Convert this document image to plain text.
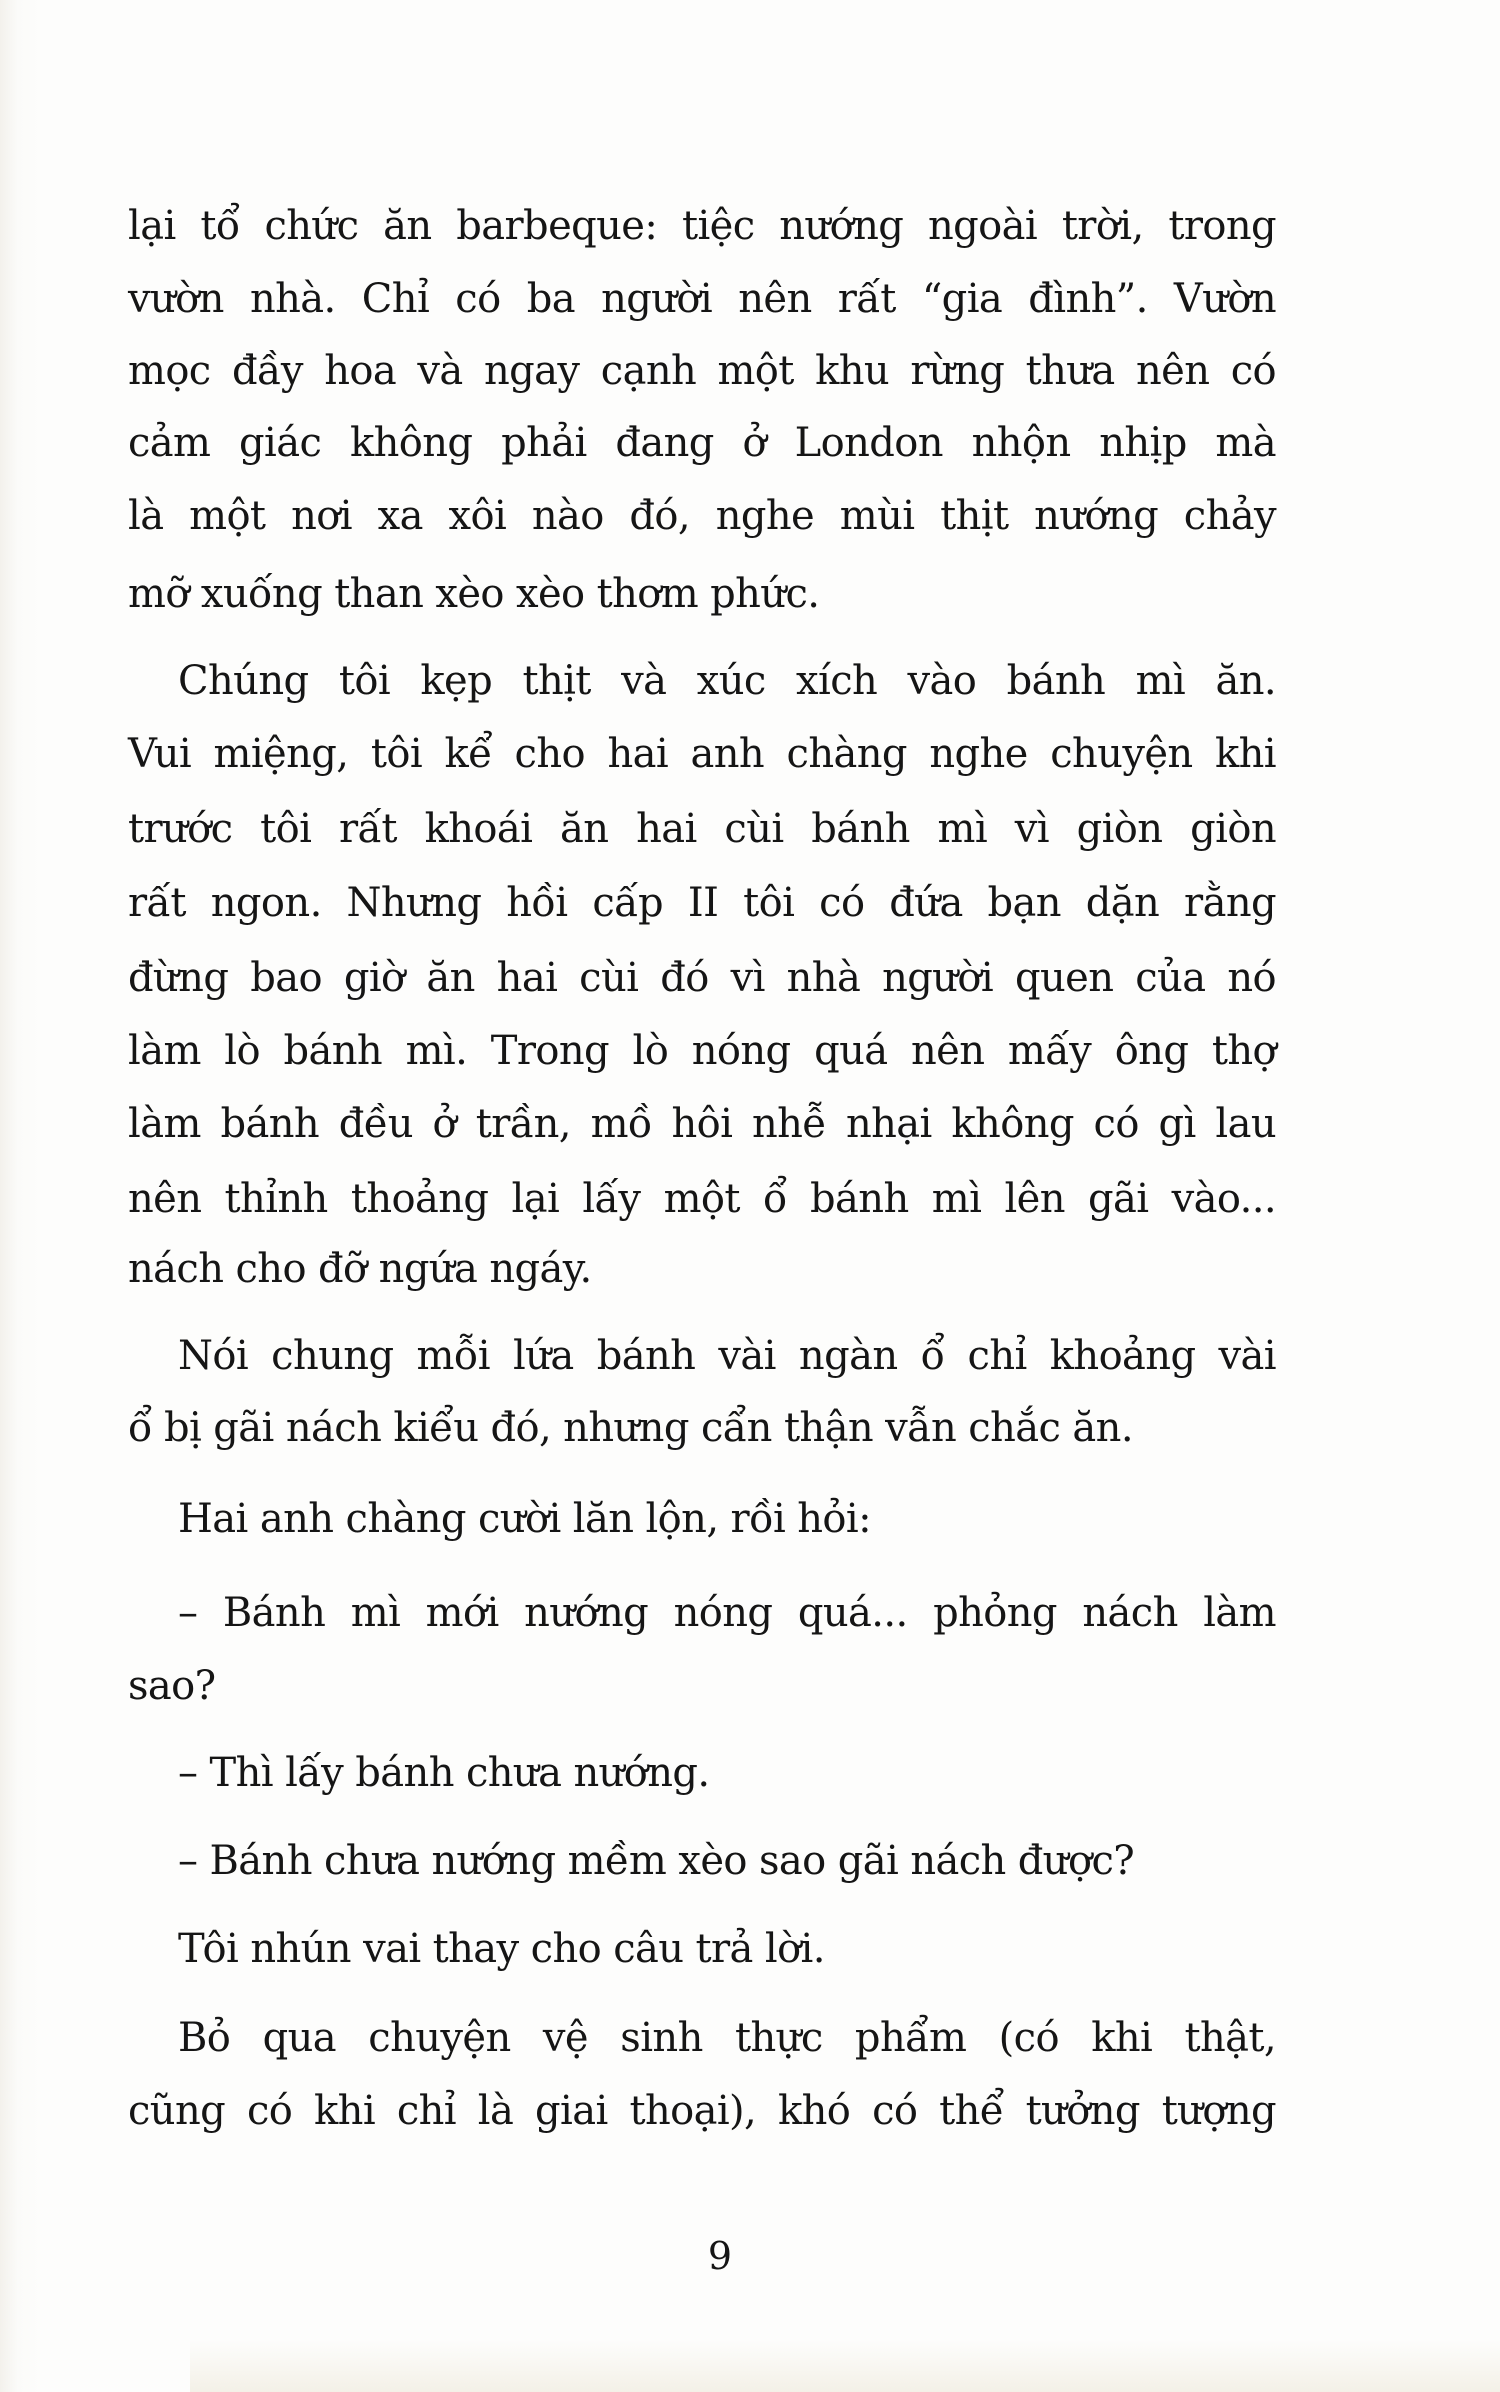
lại tổ chức ăn barbeque: tiệc nướng ngoài trời, trong
vườn nhà. Chỉ có ba người nên rất “gia đình”. Vườn
mọc đầy hoa và ngay cạnh một khu rừng thưa nên có
cảm giác không phải đang ở London nhộn nhịp mà
là một nơi xa xôi nào đó, nghe mùi thịt nướng chảy
mỡ xuống than xèo xèo thơm phức.
Chúng tôi kẹp thịt và xúc xích vào bánh mì ăn.
Vui miệng, tôi kể cho hai anh chàng nghe chuyện khi
trước tôi rất khoái ăn hai cùi bánh mì vì giòn giòn
rất ngon. Nhưng hồi cấp II tôi có đứa bạn dặn rằng
đừng bao giờ ăn hai cùi đó vì nhà người quen của nó
làm lò bánh mì. Trong lò nóng quá nên mấy ông thợ
làm bánh đều ở trần, mồ hôi nhễ nhại không có gì lau
nên thỉnh thoảng lại lấy một ổ bánh mì lên gãi vào...
nách cho đỡ ngứa ngáy.
Nói chung mỗi lứa bánh vài ngàn ổ chỉ khoảng vài
ổ bị gãi nách kiểu đó, nhưng cẩn thận vẫn chắc ăn.
Hai anh chàng cười lăn lộn, rồi hỏi:
– Bánh mì mới nướng nóng quá... phỏng nách làm
sao?
– Thì lấy bánh chưa nướng.
– Bánh chưa nướng mềm xèo sao gãi nách được?
Tôi nhún vai thay cho câu trả lời.
Bỏ qua chuyện vệ sinh thực phẩm (có khi thật,
cũng có khi chỉ là giai thoại), khó có thể tưởng tượng
9
